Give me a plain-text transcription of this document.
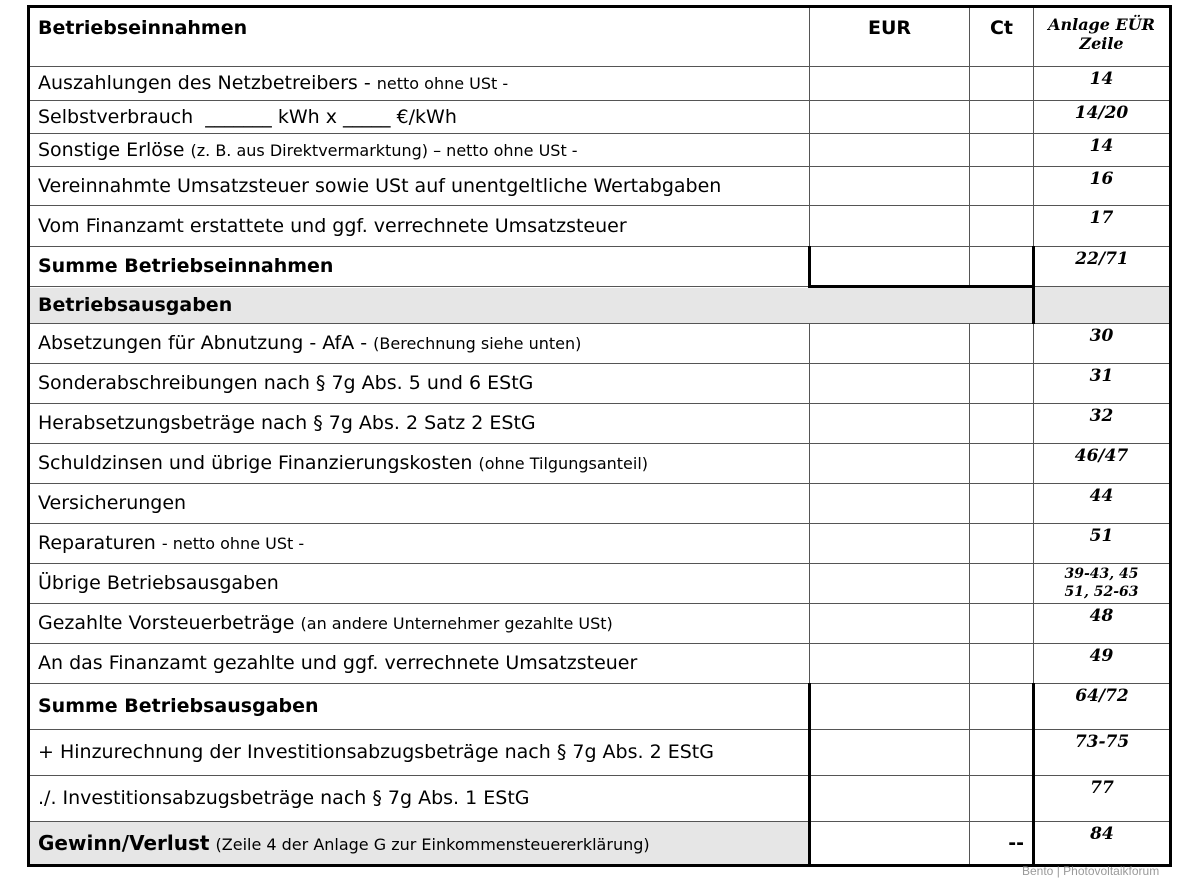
Betriebseinnahmen	EUR	Ct	Anlage EÜR
Zeile

Auszahlungen des Netzbetreibers - netto ohne USt -			14
Selbstverbrauch  _______ kWh x _____ €/kWh			14/20
Sonstige Erlöse (z. B. aus Direktvermarktung) – netto ohne USt -			14
Vereinnahmte Umsatzsteuer sowie USt auf unentgeltliche Wertabgaben			16
Vom Finanzamt erstattete und ggf. verrechnete Umsatzsteuer			17
Summe Betriebseinnahmen			22/71
Betriebsausgaben			
Absetzungen für Abnutzung - AfA - (Berechnung siehe unten)			30
Sonderabschreibungen nach § 7g Abs. 5 und 6 EStG			31
Herabsetzungsbeträge nach § 7g Abs. 2 Satz 2 EStG			32
Schuldzinsen und übrige Finanzierungskosten (ohne Tilgungsanteil)			46/47
Versicherungen			44
Reparaturen - netto ohne USt -			51
Übrige Betriebsausgaben			39-43, 45
51, 52-63

Gezahlte Vorsteuerbeträge (an andere Unternehmer gezahlte USt)			48
An das Finanzamt gezahlte und ggf. verrechnete Umsatzsteuer			49
Summe Betriebsausgaben			64/72
+ Hinzurechnung der Investitionsabzugsbeträge nach § 7g Abs. 2 EStG			73-75
./. Investitionsabzugsbeträge nach § 7g Abs. 1 EStG			77
Gewinn/Verlust (Zeile 4 der Anlage G zur Einkommensteuererklärung)		--	84
Bento | Photovoltaikforum
